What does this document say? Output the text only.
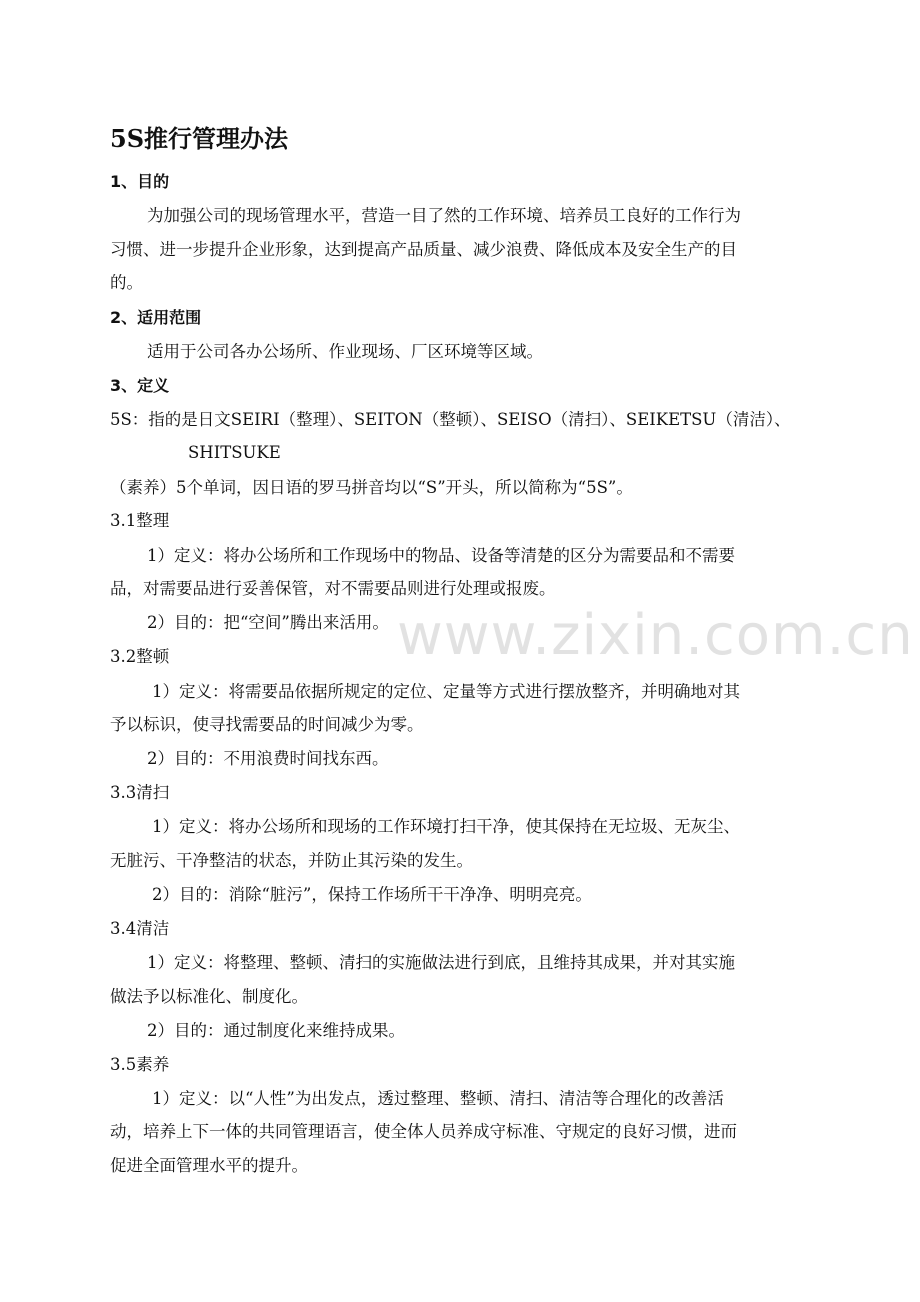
5S推行管理办法
1、目的
为加强公司的现场管理水平，营造一目了然的工作环境、培养员工良好的工作行为
习惯、进一步提升企业形象，达到提高产品质量、减少浪费、降低成本及安全生产的目
的。
2、适用范围
适用于公司各办公场所、作业现场、厂区环境等区域。
3、定义
5S：指的是日文SEIRI（整理）、SEITON（整顿）、SEISO（清扫）、SEIKETSU（清洁）、
SHITSUKE
（素养）5个单词，因日语的罗马拼音均以“S”开头，所以简称为“5S”。
3.1整理
1）定义：将办公场所和工作现场中的物品、设备等清楚的区分为需要品和不需要
品，对需要品进行妥善保管，对不需要品则进行处理或报废。
2）目的：把“空间”腾出来活用。
3.2整顿
1）定义：将需要品依据所规定的定位、定量等方式进行摆放整齐，并明确地对其
予以标识，使寻找需要品的时间减少为零。
2）目的：不用浪费时间找东西。
3.3清扫
1）定义：将办公场所和现场的工作环境打扫干净，使其保持在无垃圾、无灰尘、
无脏污、干净整洁的状态，并防止其污染的发生。
2）目的：消除“脏污”，保持工作场所干干净净、明明亮亮。
3.4清洁
1）定义：将整理、整顿、清扫的实施做法进行到底，且维持其成果，并对其实施
做法予以标准化、制度化。
2）目的：通过制度化来维持成果。
3.5素养
1）定义：以“人性”为出发点，透过整理、整顿、清扫、清洁等合理化的改善活
动，培养上下一体的共同管理语言，使全体人员养成守标准、守规定的良好习惯，进而
促进全面管理水平的提升。
www.zixin.com.cn
